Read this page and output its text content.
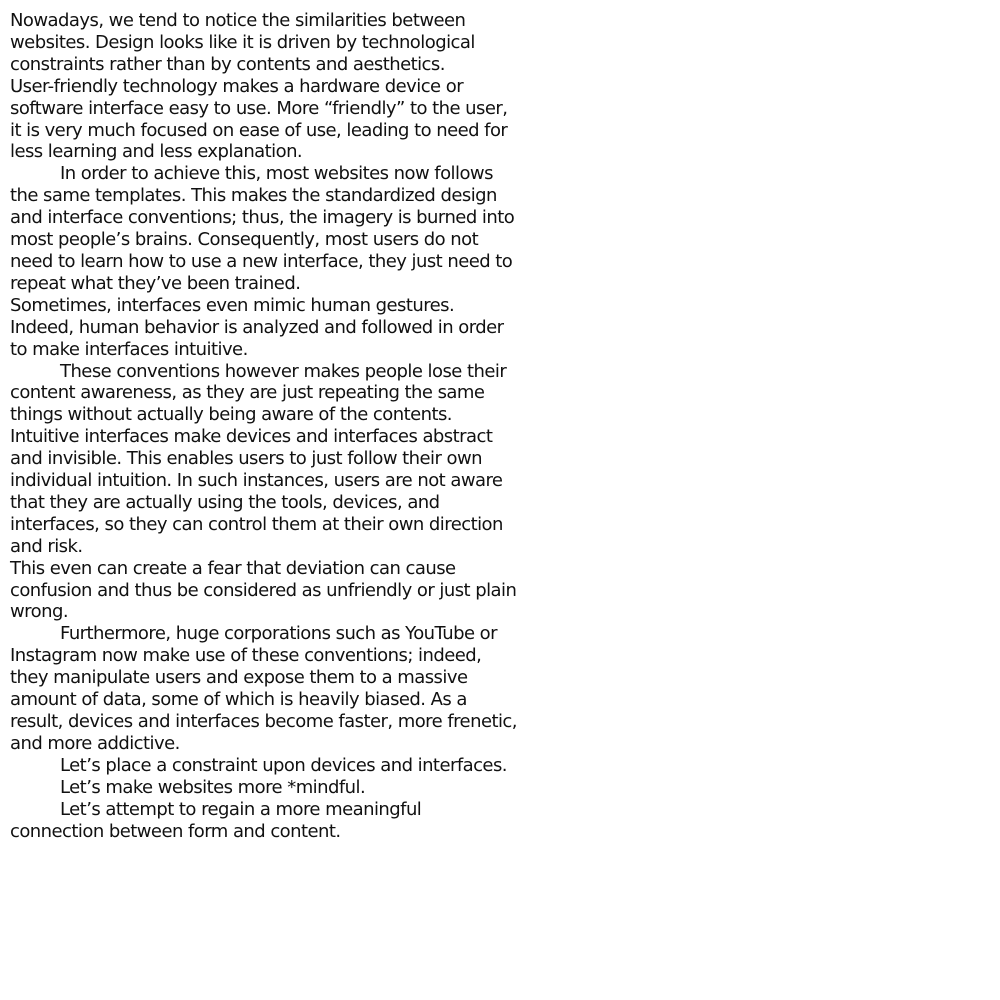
Nowadays, we tend to notice the similarities between websites. Design looks like it is driven by technological constraints rather than by contents and aesthetics.

User-friendly technology makes a hardware device or software interface easy to use. More “friendly” to the user, it is very much focused on ease of use, leading to need for less learning and less explanation.

In order to achieve this, most websites now follows the same templates. This makes the standardized design and interface conventions; thus, the imagery is burned into most people’s brains. Consequently, most users do not need to learn how to use a new interface, they just need to repeat what they’ve been trained.

Sometimes, interfaces even mimic human gestures. Indeed, human behavior is analyzed and followed in order to make interfaces intuitive.

These conventions however makes people lose their content awareness, as they are just repeating the same things without actually being aware of the contents.

Intuitive interfaces make devices and interfaces abstract and invisible. This enables users to just follow their own individual intuition. In such instances, users are not aware that they are actually using the tools, devices, and interfaces, so they can control them at their own direction and risk.

This even can create a fear that deviation can cause confusion and thus be considered as unfriendly or just plain wrong.

Furthermore, huge corporations such as YouTube or Instagram now make use of these conventions; indeed, they manipulate users and expose them to a massive amount of data, some of which is heavily biased. As a result, devices and interfaces become faster, more frenetic, and more addictive.

Let’s place a constraint upon devices and interfaces.

Let’s make websites more *mindful.

Let’s attempt to regain a more meaningful connection between form and content.
